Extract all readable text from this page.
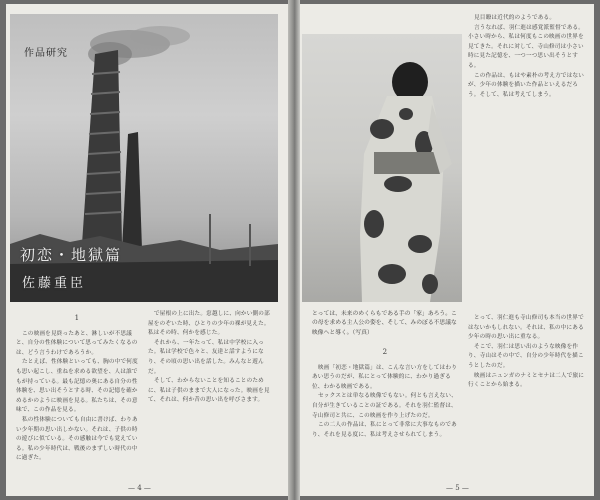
作品研究
初恋・地獄篇
佐藤重臣

1

この映画を見終ったあと、淋しいが不思議と、自分の性体験について思ってみたくなるのは、どう言うわけであろうか。

たとえば、性体験といっても、胸の中で何度も思い起こし、重ねを求める欲望を、人は誰でもが持っている。最も記憶の奥にある自分の性体験を、思い出そうとする時、その記憶を確かめるかのように映画を見る。私たちは、その意味で、この作品を見る。

私の性体験についても自由に書けば、わりあい少年期の思い出しかない。それは、子供の時の遊びに似ている。その感触は今でも覚えている。私の少年時代は、戦後のまずしい時代の中に過ぎた。

で屋根の上に出た。窓越しに、向かい側の部屋をのぞいた時、ひとりの少年の裸が見えた。私はその時、何かを感じた。

それから、一年たって、私は中学校に入った。私は学校で色々と、友達と話すようになり、その頃の思い出を話した。みんなと遊んだ。

そして、わからないことを知ることのために、私は子供のままで大人になった。映画を見て、それは、何か昔の思い出を呼びさます。

— 4 —
とっては、未来のめくらもである手の「家」あろう。この母を求める主人公の姿を、そして、みのぼる不思議な映像へと導く。（写真）

2

映画「初恋・地獄篇」は、こんな言い方をしてはわりあい思うのだが、私にとって体験的に、わかり過ぎる位、わかる映画である。

セックスとは単なる映像でもない。何とも言えない、自分が生きていることの証である。それを羽仁監督は、寺山修司と共に、この映画を作り上げたのだ。

この二人の作品は、私にとって非常に大事なものであり、それを見る度に、私は考えさせられてしまう。

見目瞭は近代的のようである。

言うなれば、羽仁進は感覚派監督である。小さい時から、私は何度もこの映画の世界を見てきた。それに対して、寺山修司は小さい時に見た記憶を、一つ一つ思い出そうとする。

この作品は、もはや素朴の考え方ではないが、少年の体験を描いた作品といえるだろう。そして、私は考えてしまう。

とって、羽仁進も寺山修司も本当の世界ではないかもしれない。それは、私の中にある少年の時の思い出に重なる。

そこで、羽仁は思い出のような映像を作り、寺山はその中で、自分の少年時代を描こうとしたのだ。

映画はニュンガのナミとセナは二人で旅に行くことから始まる。

— 5 —
